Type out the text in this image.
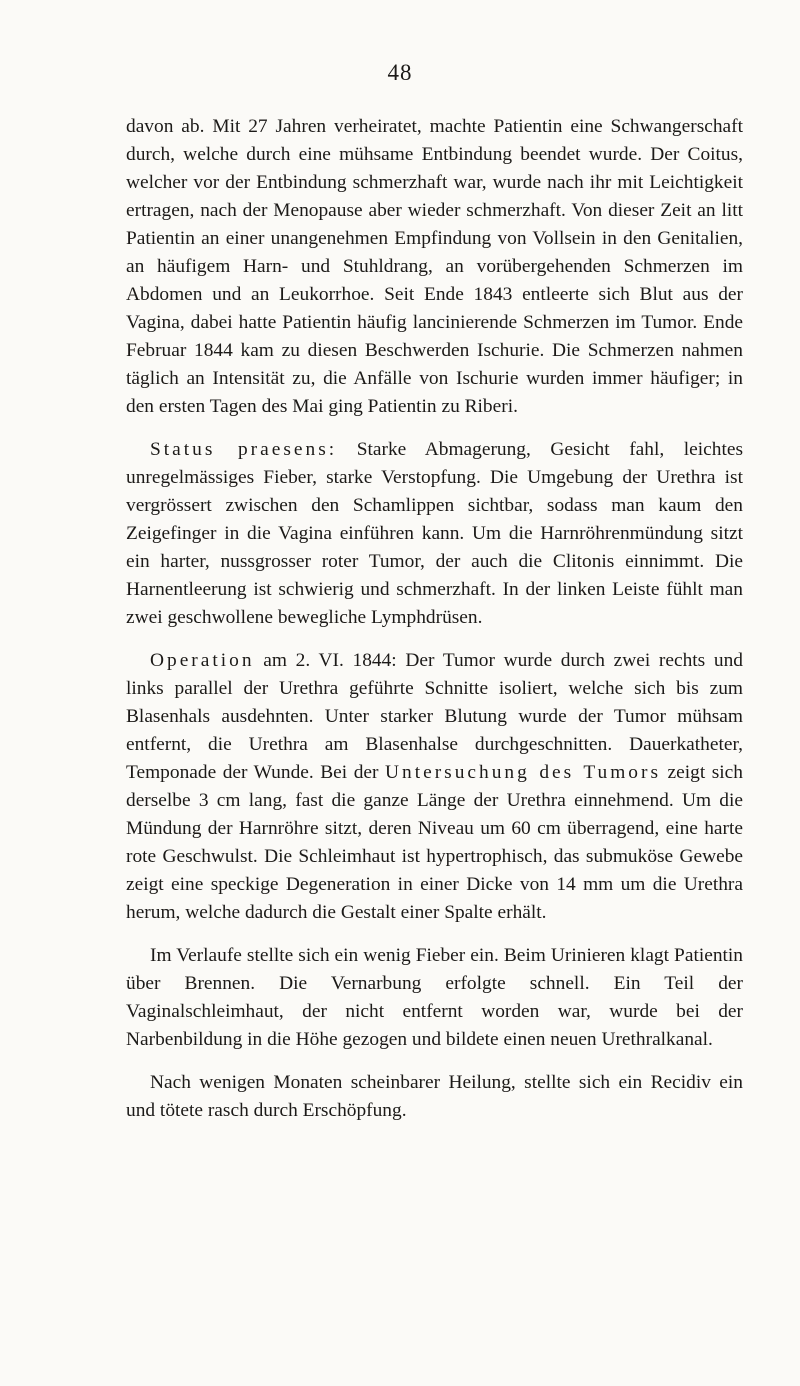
48

davon ab. Mit 27 Jahren verheiratet, machte Patientin eine Schwangerschaft durch, welche durch eine mühsame Entbindung beendet wurde. Der Coitus, welcher vor der Entbindung schmerzhaft war, wurde nach ihr mit Leichtigkeit ertragen, nach der Menopause aber wieder schmerzhaft. Von dieser Zeit an litt Patientin an einer unangenehmen Empfindung von Vollsein in den Genitalien, an häufigem Harn- und Stuhldrang, an vorübergehenden Schmerzen im Abdomen und an Leukorrhoe. Seit Ende 1843 entleerte sich Blut aus der Vagina, dabei hatte Patientin häufig lancinierende Schmerzen im Tumor. Ende Februar 1844 kam zu diesen Beschwerden Ischurie. Die Schmerzen nahmen täglich an Intensität zu, die Anfälle von Ischurie wurden immer häufiger; in den ersten Tagen des Mai ging Patientin zu Riberi.

Status praesens: Starke Abmagerung, Gesicht fahl, leichtes unregelmässiges Fieber, starke Verstopfung. Die Umgebung der Urethra ist vergrössert zwischen den Schamlippen sichtbar, sodass man kaum den Zeigefinger in die Vagina einführen kann. Um die Harnröhrenmündung sitzt ein harter, nussgrosser roter Tumor, der auch die Clitonis einnimmt. Die Harnentleerung ist schwierig und schmerzhaft. In der linken Leiste fühlt man zwei geschwollene bewegliche Lymphdrüsen.

Operation am 2. VI. 1844: Der Tumor wurde durch zwei rechts und links parallel der Urethra geführte Schnitte isoliert, welche sich bis zum Blasenhals ausdehnten. Unter starker Blutung wurde der Tumor mühsam entfernt, die Urethra am Blasenhalse durchgeschnitten. Dauerkatheter, Temponade der Wunde. Bei der Untersuchung des Tumors zeigt sich derselbe 3 cm lang, fast die ganze Länge der Urethra einnehmend. Um die Mündung der Harnröhre sitzt, deren Niveau um 60 cm überragend, eine harte rote Geschwulst. Die Schleimhaut ist hypertrophisch, das submuköse Gewebe zeigt eine speckige Degeneration in einer Dicke von 14 mm um die Urethra herum, welche dadurch die Gestalt einer Spalte erhält.

Im Verlaufe stellte sich ein wenig Fieber ein. Beim Urinieren klagt Patientin über Brennen. Die Vernarbung erfolgte schnell. Ein Teil der Vaginalschleimhaut, der nicht entfernt worden war, wurde bei der Narbenbildung in die Höhe gezogen und bildete einen neuen Urethralkanal.

Nach wenigen Monaten scheinbarer Heilung, stellte sich ein Recidiv ein und tötete rasch durch Erschöpfung.
